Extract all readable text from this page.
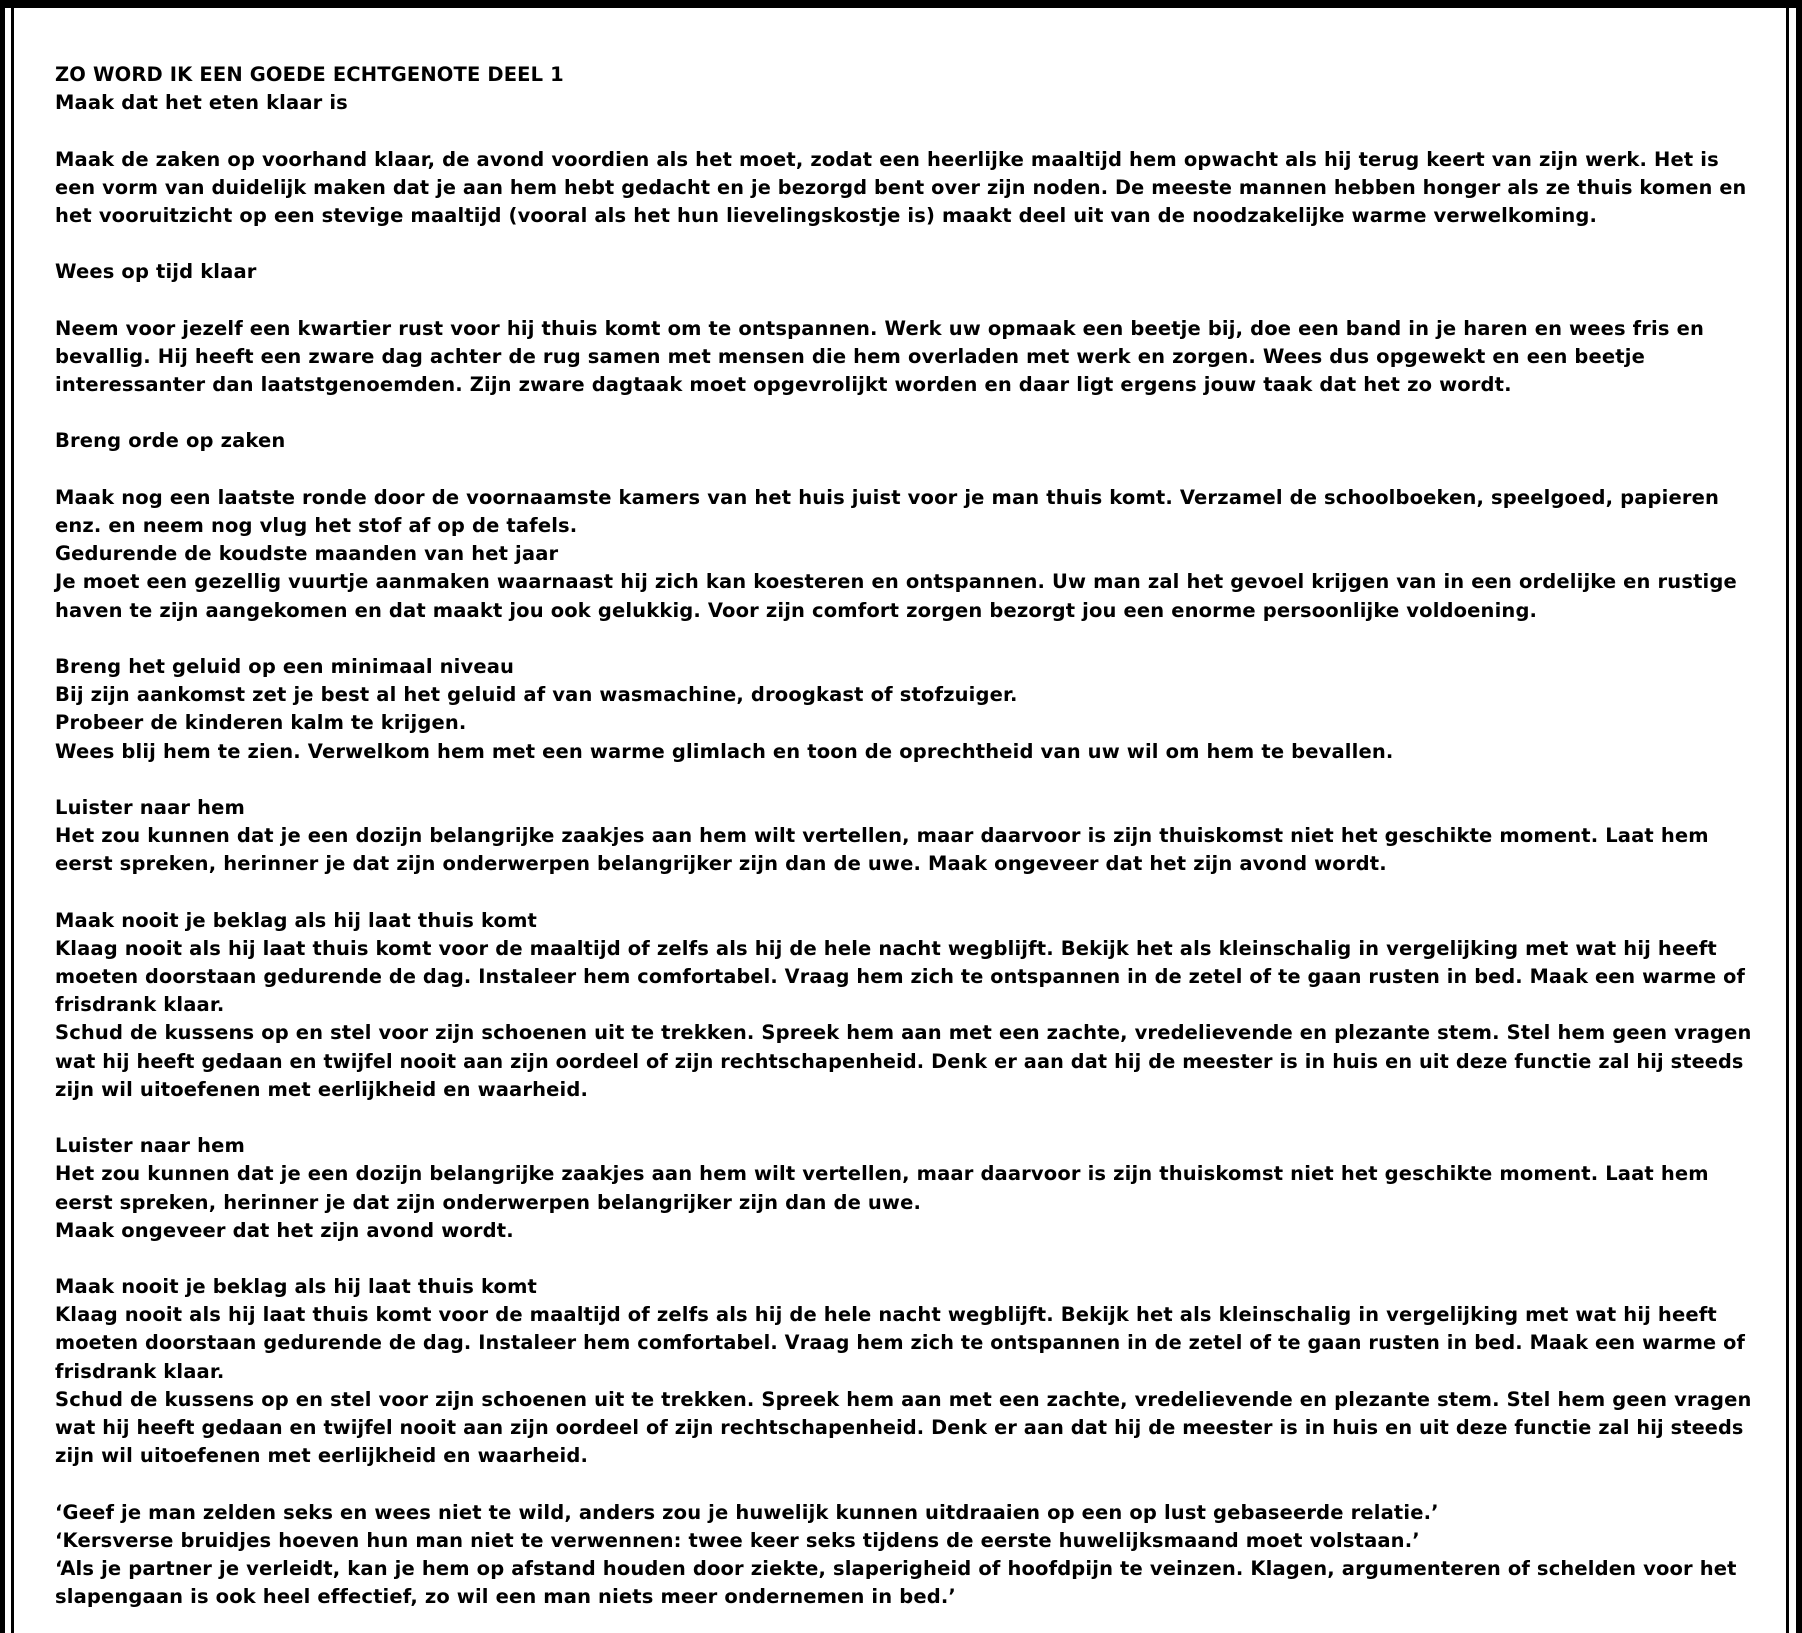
ZO WORD IK EEN GOEDE ECHTGENOTE DEEL 1
Maak dat het eten klaar is
Maak de zaken op voorhand klaar, de avond voordien als het moet, zodat een heerlijke maaltijd hem opwacht als hij terug keert van zijn werk. Het is
een vorm van duidelijk maken dat je aan hem hebt gedacht en je bezorgd bent over zijn noden. De meeste mannen hebben honger als ze thuis komen en
het vooruitzicht op een stevige maaltijd (vooral als het hun lievelingskostje is) maakt deel uit van de noodzakelijke warme verwelkoming.
Wees op tijd klaar
Neem voor jezelf een kwartier rust voor hij thuis komt om te ontspannen. Werk uw opmaak een beetje bij, doe een band in je haren en wees fris en
bevallig. Hij heeft een zware dag achter de rug samen met mensen die hem overladen met werk en zorgen. Wees dus opgewekt en een beetje
interessanter dan laatstgenoemden. Zijn zware dagtaak moet opgevrolijkt worden en daar ligt ergens jouw taak dat het zo wordt.
Breng orde op zaken
Maak nog een laatste ronde door de voornaamste kamers van het huis juist voor je man thuis komt. Verzamel de schoolboeken, speelgoed, papieren
enz. en neem nog vlug het stof af op de tafels.
Gedurende de koudste maanden van het jaar
Je moet een gezellig vuurtje aanmaken waarnaast hij zich kan koesteren en ontspannen. Uw man zal het gevoel krijgen van in een ordelijke en rustige
haven te zijn aangekomen en dat maakt jou ook gelukkig. Voor zijn comfort zorgen bezorgt jou een enorme persoonlijke voldoening.
Breng het geluid op een minimaal niveau
Bij zijn aankomst zet je best al het geluid af van wasmachine, droogkast of stofzuiger.
Probeer de kinderen kalm te krijgen.
Wees blij hem te zien. Verwelkom hem met een warme glimlach en toon de oprechtheid van uw wil om hem te bevallen.
Luister naar hem
Het zou kunnen dat je een dozijn belangrijke zaakjes aan hem wilt vertellen, maar daarvoor is zijn thuiskomst niet het geschikte moment. Laat hem
eerst spreken, herinner je dat zijn onderwerpen belangrijker zijn dan de uwe. Maak ongeveer dat het zijn avond wordt.
Maak nooit je beklag als hij laat thuis komt
Klaag nooit als hij laat thuis komt voor de maaltijd of zelfs als hij de hele nacht wegblijft. Bekijk het als kleinschalig in vergelijking met wat hij heeft
moeten doorstaan gedurende de dag. Instaleer hem comfortabel. Vraag hem zich te ontspannen in de zetel of te gaan rusten in bed. Maak een warme of
frisdrank klaar.
Schud de kussens op en stel voor zijn schoenen uit te trekken. Spreek hem aan met een zachte, vredelievende en plezante stem. Stel hem geen vragen
wat hij heeft gedaan en twijfel nooit aan zijn oordeel of zijn rechtschapenheid. Denk er aan dat hij de meester is in huis en uit deze functie zal hij steeds
zijn wil uitoefenen met eerlijkheid en waarheid.
Luister naar hem
Het zou kunnen dat je een dozijn belangrijke zaakjes aan hem wilt vertellen, maar daarvoor is zijn thuiskomst niet het geschikte moment. Laat hem
eerst spreken, herinner je dat zijn onderwerpen belangrijker zijn dan de uwe.
Maak ongeveer dat het zijn avond wordt.
Maak nooit je beklag als hij laat thuis komt
Klaag nooit als hij laat thuis komt voor de maaltijd of zelfs als hij de hele nacht wegblijft. Bekijk het als kleinschalig in vergelijking met wat hij heeft
moeten doorstaan gedurende de dag. Instaleer hem comfortabel. Vraag hem zich te ontspannen in de zetel of te gaan rusten in bed. Maak een warme of
frisdrank klaar.
Schud de kussens op en stel voor zijn schoenen uit te trekken. Spreek hem aan met een zachte, vredelievende en plezante stem. Stel hem geen vragen
wat hij heeft gedaan en twijfel nooit aan zijn oordeel of zijn rechtschapenheid. Denk er aan dat hij de meester is in huis en uit deze functie zal hij steeds
zijn wil uitoefenen met eerlijkheid en waarheid.
‘Geef je man zelden seks en wees niet te wild, anders zou je huwelijk kunnen uitdraaien op een op lust gebaseerde relatie.’
‘Kersverse bruidjes hoeven hun man niet te verwennen: twee keer seks tijdens de eerste huwelijksmaand moet volstaan.’
‘Als je partner je verleidt, kan je hem op afstand houden door ziekte, slaperigheid of hoofdpijn te veinzen. Klagen, argumenteren of schelden voor het
slapengaan is ook heel effectief, zo wil een man niets meer ondernemen in bed.’
